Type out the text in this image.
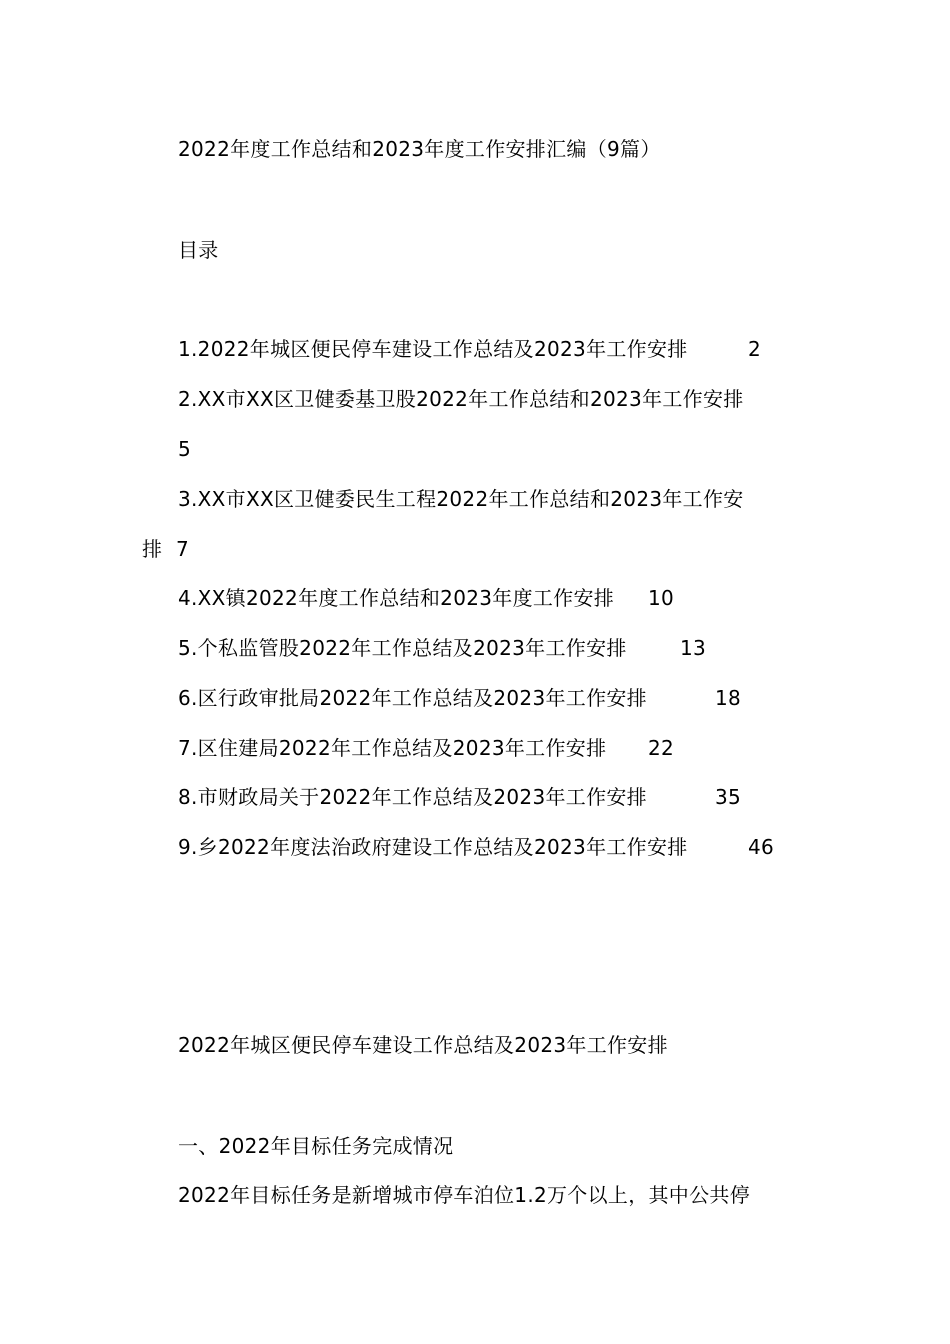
2022年度工作总结和2023年度工作安排汇编（9篇）
目录
1.2022年城区便民停车建设工作总结及2023年工作安排	2
2.XX市XX区卫健委基卫股2022年工作总结和2023年工作安排
5
3.XX市XX区卫健委民生工程2022年工作总结和2023年工作安
排 7
4.XX镇2022年度工作总结和2023年度工作安排 10
5.个私监管股2022年工作总结及2023年工作安排	13
6.区行政审批局2022年工作总结及2023年工作安排	18
7.区住建局2022年工作总结及2023年工作安排 22
8.市财政局关于2022年工作总结及2023年工作安排	35
9.乡2022年度法治政府建设工作总结及2023年工作安排	46
2022年城区便民停车建设工作总结及2023年工作安排
一、2022年目标任务完成情况
2022年目标任务是新增城市停车泊位1.2万个以上，其中公共停
